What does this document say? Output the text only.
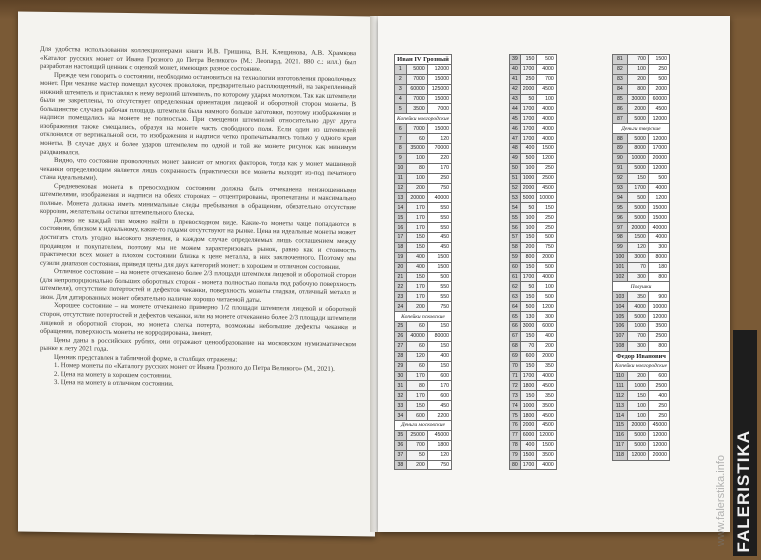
Для удобства использования коллекционерами книги И.В. Гришина, В.Н. Клещинова, А.В. Храмкова «Каталог русских монет от Ивана Грозного до Петра Великого» (М.: Леопард, 2021. 880 с.: илл.) был разработан настоящий ценник с оценкой монет, имеющих разное состояние.

Прежде чем говорить о состоянии, необходимо остановиться на технологии изготовления проволочных монет. При чеканке мастер помещал кусочек проволоки, предварительно расплющенный, на закрепленный нижний штемпель и приставлял к нему верхний штемпель, по которому ударял молотком. Так как штемпели были не закреплены, то отсутствует определенная ориентация лицевой и оборотной сторон монеты. В большинстве случаев рабочая площадь штемпеля была намного больше заготовки, поэтому изображения и надписи помещались на монете не полностью. При смещении штемпелей относительно друг друга изображения также смещались, образуя на монете часть свободного поля. Если один из штемпелей отклонялся от вертикальной оси, то изображения и надписи четко пропечатывались только у одного края монеты. В случае двух и более ударов штемпелем по одной и той же монете рисунок как минимум раздваивался.

Видно, что состояние проволочных монет зависит от многих факторов, тогда как у монет машинной чеканки определяющим является лишь сохранность (практически все монеты выходят из-под печатного стана идеальными).

Средневековая монета в превосходном состоянии должна быть отчеканена неизношенными штемпелями, изображения и надписи на обеих сторонах – отцентрированы, пропечатаны и максимально полные. Монета должна иметь минимальные следы пребывания в обращении, обязательно отсутствие коррозии, желательны остатки штемпельного блеска.

Далеко не каждый тип можно найти в превосходном виде. Какие-то монеты чаще попадаются в состоянии, близком к идеальному, какие-то годами отсутствуют на рынке. Цена на идеальные монеты может достигать столь угодно высокого значения, в каждом случае определяемых лишь соглашением между продавцом и покупателем, поэтому мы не можем характеризовать рынок, равно как и стоимость практически всех монет в плохом состоянии близка к цене металла, в них заключенного. Поэтому мы сузили диапазон состояния, приведя цены для двух категорий монет: в хорошем и отличном состоянии.

Отличное состояние – на монете отчеканено более 2/3 площади штемпеля лицевой и оборотной сторон (для непропорционально больших оборотных сторон - монета полностью попала под рабочую поверхность штемпеля), отсутствие потертостей и дефектов чеканки, поверхность монеты гладкая, отличный металл и звон. Для датированных монет обязательно наличие хорошо читаемой даты.

Хорошее состояние – на монете отчеканено примерно 1/2 площади штемпеля лицевой и оборотной сторон, отсутствие потертостей и дефектов чеканки, или на монете отчеканено более 2/3 площади штемпеля лицевой и оборотной сторон, но монета слегка потерта, возможны небольшие дефекты чеканки и обращения, поверхность монеты не корродирована, звенит.

Цены даны в российских рублях, они отражают ценообразование на московском нумизматическом рынке к лету 2021 года.

Ценник представлен в табличной форме, в столбцах отражены:

1. Номер монеты по «Каталогу русских монет от Ивана Грозного до Петра Великого» (М., 2021).

2. Цена на монету в хорошем состоянии.

3. Цена на монету в отличном состоянии.

Иван IV Грозный		
1	5000	12000
2	7000	15000
3	60000	125000
4	7000	15000
5	3500	7000
Копейки новгородские		
6	7000	15000
7	60	120
8	35000	70000
9	100	220
10	80	170
11	100	250
12	200	750
13	20000	40000
14	170	550
15	170	550
16	170	550
17	150	450
18	150	450
19	400	1500
20	400	1500
21	150	500
22	170	550
23	170	550
24	200	750
Копейки псковские		
25	60	150
26	40000	80000
27	60	150
28	120	400
29	60	150
30	170	600
31	80	170
32	170	600
33	150	450
34	600	2200
Деньги московские		
35	25000	45000
36	700	1800
37	50	120
38	200	750
39	150	500
40	1700	4000
41	250	700
42	2000	4500
43	50	100
44	1700	4000
45	1700	4000
46	1700	4000
47	1700	4000
48	400	1500
49	500	1200
50	100	250
51	1000	2500
52	2000	4500
53	5000	10000
54	50	150
55	100	250
56	100	250
57	150	500
58	200	750
59	800	2000
60	150	500
61	1700	4000
62	50	100
63	150	500
64	500	1200
65	130	300
66	3000	6000
67	150	400
68	70	200
69	600	2000
70	150	350
71	1700	4000
72	1800	4500
73	150	350
74	1000	3500
75	1800	4500
76	2000	4500
77	6000	12000
78	400	1500
79	1500	3500
80	1700	4000
81	700	1500
82	100	250
83	200	500
84	800	2000
85	30000	60000
86	2000	4500
87	5000	12000
Деньги тверские		
88	5000	12000
89	8000	17000
90	10000	20000
91	5000	12000
92	150	500
93	1700	4000
94	500	1200
95	5000	15000
96	5000	15000
97	20000	40000
98	1500	4000
99	120	300
100	3000	8000
101	70	180
102	300	800
Полушки		
103	350	900
104	4000	10000
105	5000	12000
106	1000	3500
107	700	2500
108	300	800
Федор Иванович		
Копейки новгородские		
110	200	600
111	1000	2500
112	150	400
113	100	250
114	100	250
115	20000	45000
116	5000	12000
117	5000	12000
118	12000	20000	www.falerstika.info FALERISTIKA
